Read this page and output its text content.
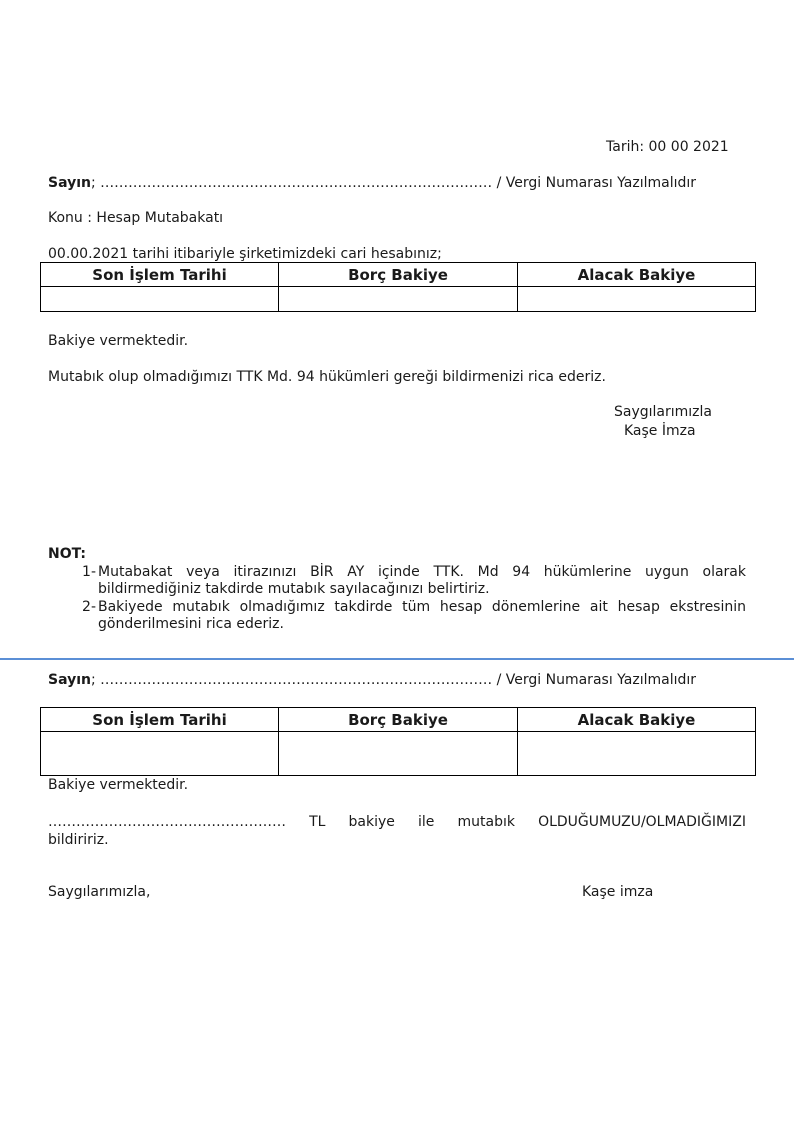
Tarih: 00 00 2021
Sayın; ………………………………………………………………………… / Vergi Numarası Yazılmalıdır
Konu : Hesap Mutabakatı
00.00.2021 tarihi itibariyle şirketimizdeki cari hesabınız;
Son İşlem Tarihi	Borç Bakiye	Alacak Bakiye

Bakiye vermektedir.
Mutabık olup olmadığımızı TTK Md. 94 hükümleri gereği bildirmenizi rica ederiz.
Saygılarımızla
Kaşe İmza
NOT:
1- Mutabakat veya itirazınızı BİR AY içinde TTK. Md 94 hükümlerine uygun olarak bildirmediğiniz takdirde mutabık sayılacağınızı belirtiriz.
2- Bakiyede mutabık olmadığımız takdirde tüm hesap dönemlerine ait hesap ekstresinin gönderilmesini rica ederiz.
Sayın; ………………………………………………………………………… / Vergi Numarası Yazılmalıdır
Son İşlem Tarihi	Borç Bakiye	Alacak Bakiye

Bakiye vermektedir.
…………………………………………… TL bakiye ile mutabık OLDUĞUMUZU/OLMADIĞIMIZI
bildiririz.
Saygılarımızla,	Kaşe imza
